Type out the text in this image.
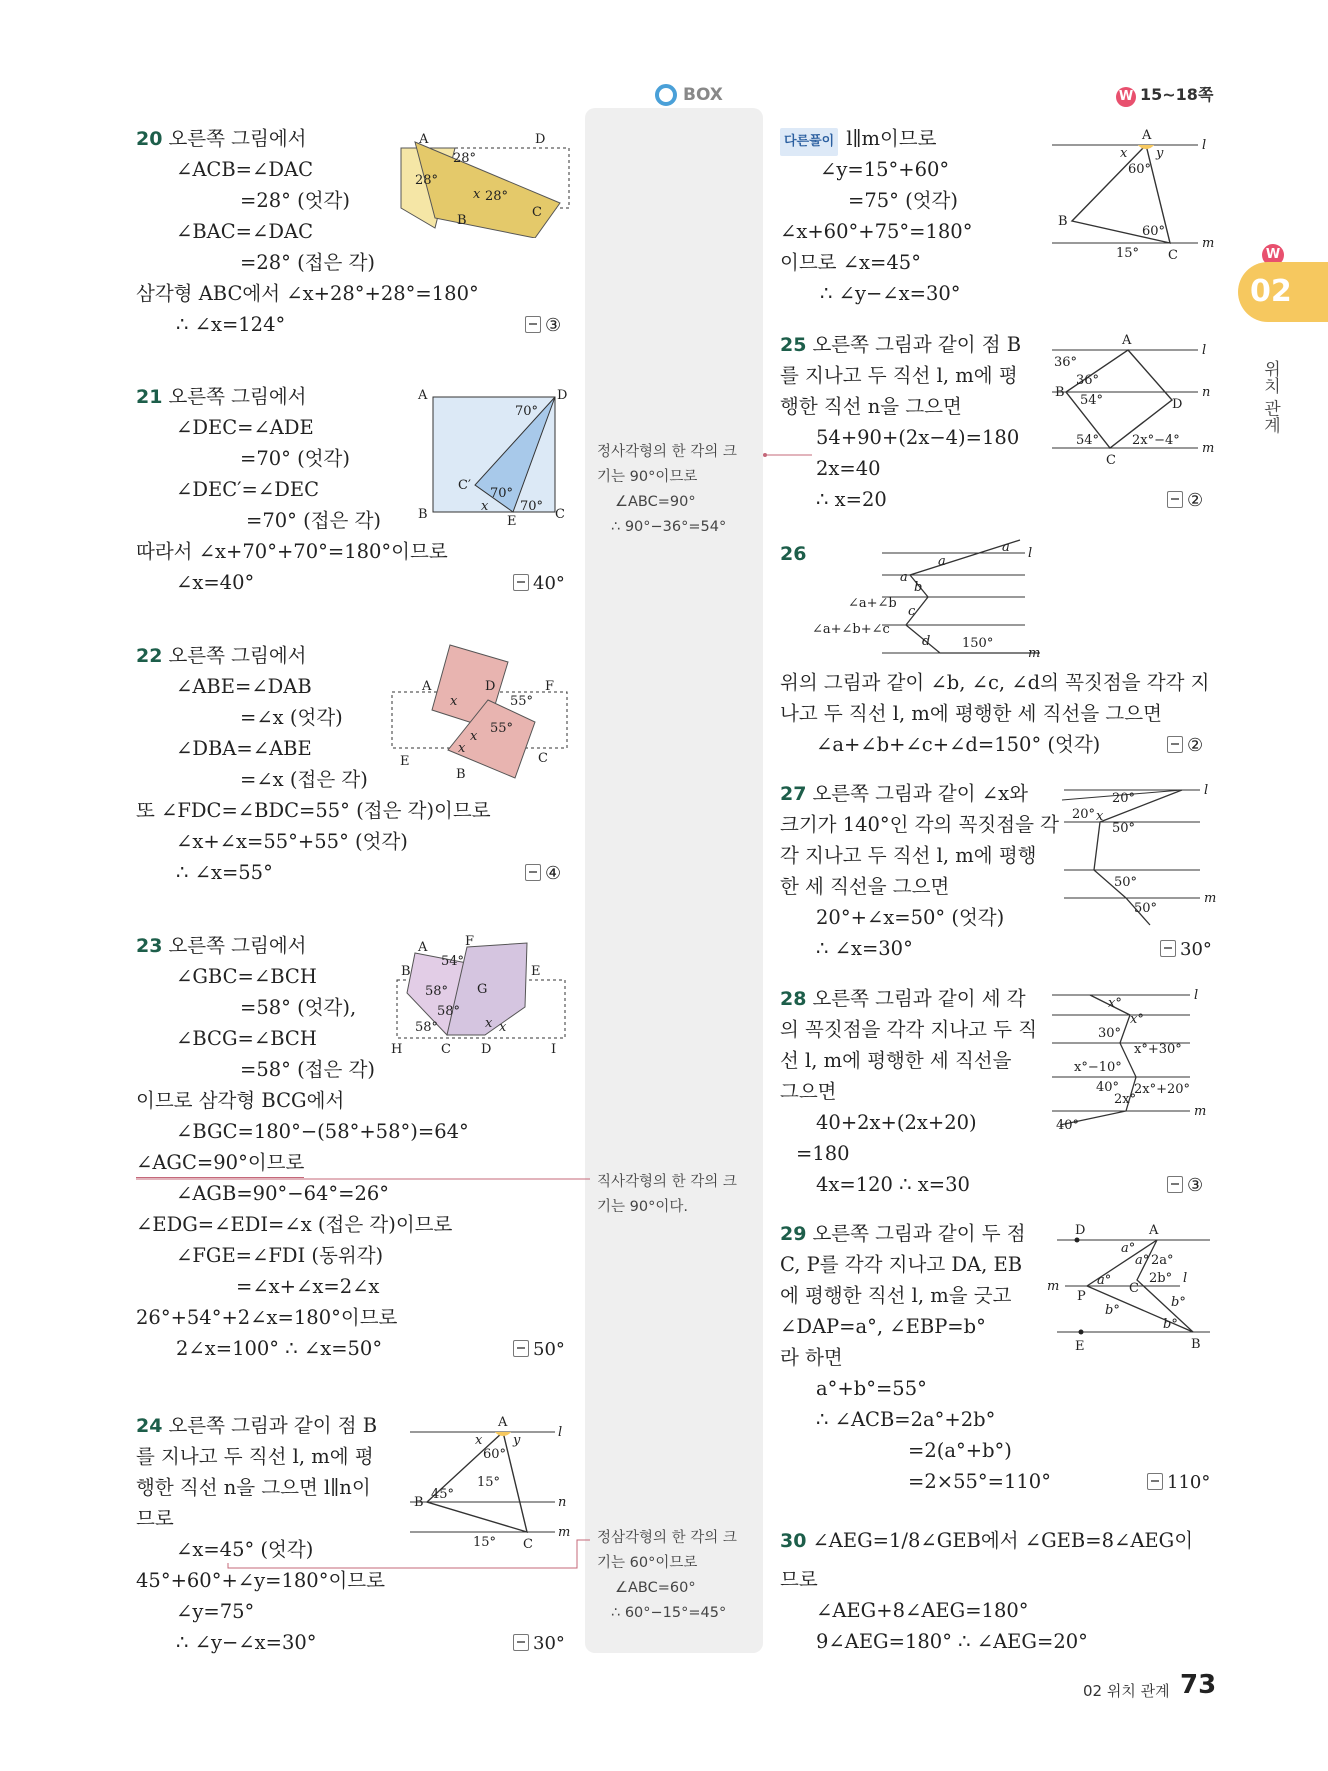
BOX	W 15~18쪽
W
02
위치 관계
20 오른쪽 그림에서
∠ACB=∠DAC
=28° (엇각)
∠BAC=∠DAC
=28° (접은 각)
삼각형 ABC에서 ∠x+28°+28°=180°
∴ ∠x=124°	③
A	D
B
C
28°
28°
28°
x
21 오른쪽 그림에서
∠DEC=∠ADE
=70° (엇각)
∠DEC′=∠DEC
=70° (접은 각)
따라서 ∠x+70°+70°=180°이므로
∠x=40°	40°
A	D
B	C
C′
E
70°
70°
70°
x
22 오른쪽 그림에서
∠ABE=∠DAB
=∠x (엇각)
∠DBA=∠ABE
=∠x (접은 각)
또 ∠FDC=∠BDC=55° (접은 각)이므로
∠x+∠x=55°+55° (엇각)
∴ ∠x=55°	④
A	D	F
E
B
C
55°
55°
x
x
x
23 오른쪽 그림에서
∠GBC=∠BCH
=58° (엇각),
∠BCG=∠BCH
=58° (접은 각)
이므로 삼각형 BCG에서
∠BGC=180°−(58°+58°)=64°
∠AGC=90°이므로
∠AGB=90°−64°=26°
∠EDG=∠EDI=∠x (접은 각)이므로
∠FGE=∠FDI (동위각)
=∠x+∠x=2∠x
26°+54°+2∠x=180°이므로
2∠x=100° ∴ ∠x=50°	50°
A	F
B	E
G
H	C D	I
54°
58°
58°
58°	x x
24 오른쪽 그림과 같이 점 B
를 지나고 두 직선 l, m에 평
행한 직선 n을 그으면 l∥n이
므로
∠x=45° (엇각)
45°+60°+∠y=180°이므로
∠y=75°
∴ ∠y−∠x=30°	30°
A
B
C
l
n
m
x y
60°
45°
15°
15°
정사각형의 한 각의 크
기는 90°이므로
∠ABC=90°
∴ 90°−36°=54°
직사각형의 한 각의 크
기는 90°이다.
정삼각형의 한 각의 크
기는 60°이므로
∠ABC=60°
∴ 60°−15°=45°
다른풀이 l∥m이므로
∠y=15°+60°
=75° (엇각)
∠x+60°+75°=180°
이므로 ∠x=45°
∴ ∠y−∠x=30°
A
B
C
l
m
x y
60°
60°
15°
25 오른쪽 그림과 같이 점 B
를 지나고 두 직선 l, m에 평
행한 직선 n을 그으면
54+90+(2x−4)=180
2x=40
∴ x=20	②
A
B
D
C
l
n
m
36°
36°
54°
54°	2x°−4°
26	l
m
a
a
a
b
∠a+∠b
c
∠a+∠b+∠c
d 150°
위의 그림과 같이 ∠b, ∠c, ∠d의 꼭짓점을 각각 지
나고 두 직선 l, m에 평행한 세 직선을 그으면
∠a+∠b+∠c+∠d=150° (엇각)	②
27 오른쪽 그림과 같이 ∠x와
크기가 140°인 각의 꼭짓점을 각
각 지나고 두 직선 l, m에 평행
한 세 직선을 그으면
20°+∠x=50° (엇각)
∴ ∠x=30°	30°
l
m
20°
20° x
50°
50°
50°
28 오른쪽 그림과 같이 세 각
의 꼭짓점을 각각 지나고 두 직
선 l, m에 평행한 세 직선을
그으면
40+2x+(2x+20)
=180
4x=120 ∴ x=30	③
l
m
x°
x°
30°
x°+30°
x°−10°
40° 2x°+20°
2x°
40°
29 오른쪽 그림과 같이 두 점
C, P를 각각 지나고 DA, EB
에 평행한 직선 l, m을 긋고
∠DAP=a°, ∠EBP=b°
라 하면
a°+b°=55°
∴ ∠ACB=2a°+2b°
=2(a°+b°)
=2×55°=110°	110°
D	A
E	B
P
C
m
l
a°
a° 2a°
2b°
a°
b°
b°
b°
30 ∠AEG=1/8∠GEB에서 ∠GEB=8∠AEG이
므로
∠AEG+8∠AEG=180°
9∠AEG=180° ∴ ∠AEG=20°
02 위치 관계 73
